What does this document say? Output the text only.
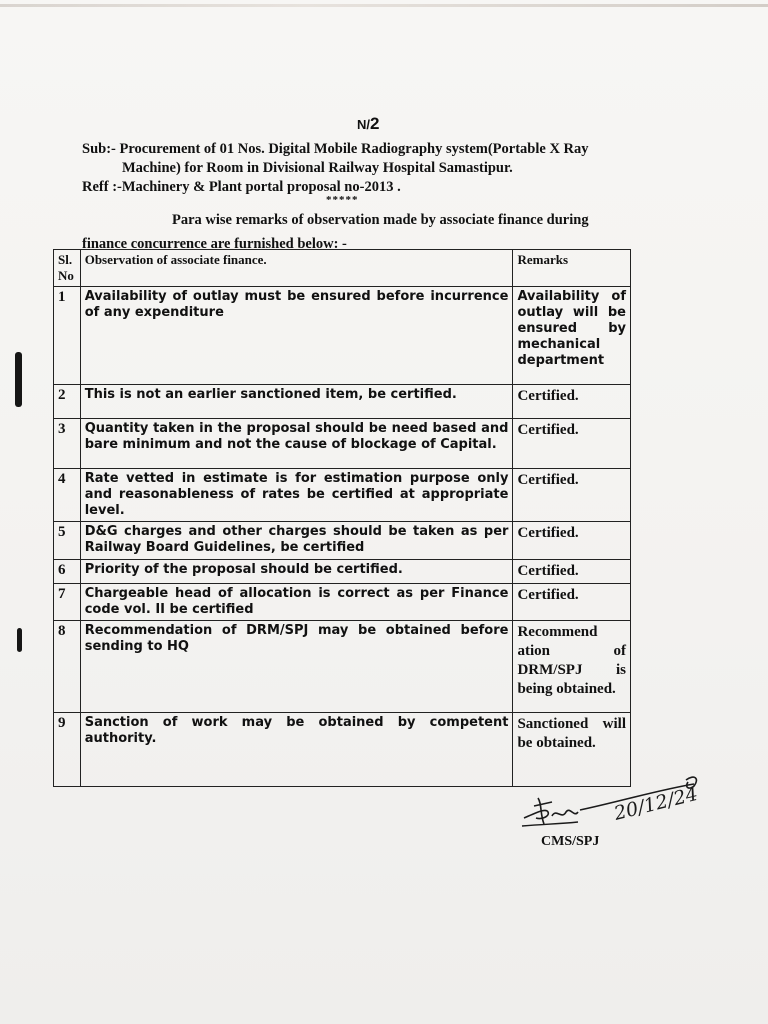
N/2
Sub:- Procurement of 01 Nos. Digital Mobile Radiography system(Portable X Ray
Machine) for Room in Divisional Railway Hospital Samastipur.
Reff :-Machinery & Plant portal proposal no-2013 .
*****
Para wise remarks of observation made by associate finance during
finance concurrence are furnished below: -
Sl. No	Observation of associate finance.	Remarks
1	Availability of outlay must be ensured before incurrence of any expenditure	Availability of outlay will be ensured by mechanical department
2	This is not an earlier sanctioned item, be certified.	Certified.
3	Quantity taken in the proposal should be need based and bare minimum and not the cause of blockage of Capital.	Certified.
4	Rate vetted in estimate is for estimation purpose only and reasonableness of rates be certified at appropriate level.	Certified.
5	D&G charges and other charges should be taken as per Railway Board Guidelines, be certified	Certified.
6	Priority of the proposal should be certified.	Certified.
7	Chargeable head of allocation is correct as per Finance code vol. II be certified	Certified.
8	Recommendation of DRM/SPJ may be obtained before sending to HQ	Recommend ation of DRM/SPJ is being obtained.
9	Sanction of work may be obtained by competent authority.	Sanctioned will be obtained.
20/12/24
CMS/SPJ
